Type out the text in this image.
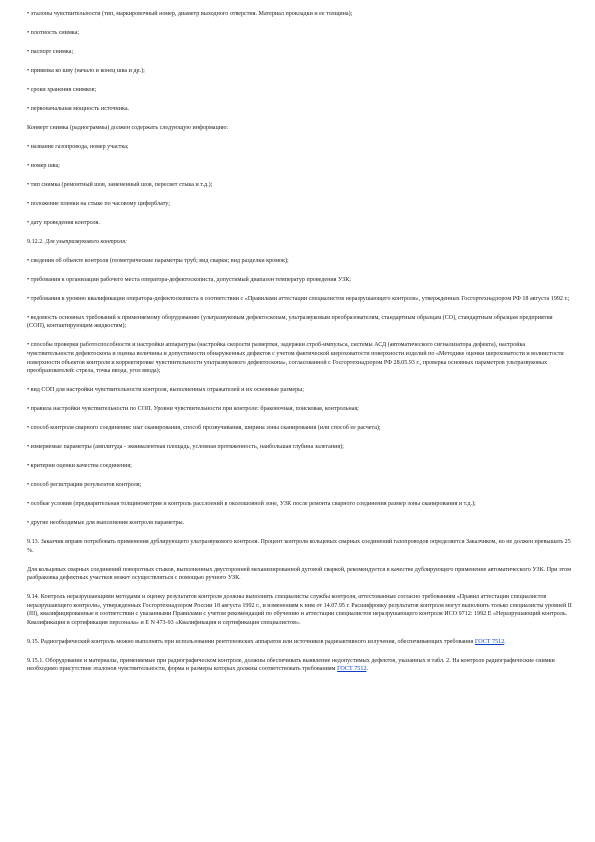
• эталоны чувствительности (тип, маркировочный номер, диаметр выходного отверстия. Материал прокладки и ее толщина);

• плотность снимка;

• паспорт снимка;

• привязка ко шву (начало и конец шва и др.);

• сроки хранения снимков;

• первоначальная мощность источника.

Конверт снимка (радиограммы) должен содержать следующую информацию:

• название газопровода, номер участка;

• номер шва;

• тип снимка (ремонтный шов, замененный шов, пересвет стыка и т.д.);

• положение пленки на стыке по часовому циферблату;

• дату проведения контроля.

9.12.2. Для ультразвукового контроля:

• сведения об объекте контроля (геометрические параметры труб; вид сварки; вид разделки кромок);

• требования к организации рабочего места оператора-дефектоскописта, допустимый диапазон температур проведения УЗК;

• требования к уровню квалификации оператора-дефектоскописта в соответствии с «Правилами аттестации специалистов неразрушающего контроля», утвержденных Госгортехнадзором РФ 18 августа 1992 г.;

• ведомость основных требований к применяемому оборудованию (ультразвуковым дефектоскопам, ультразвуковым преобразователям, стандартным образцам (СО), стандартным образцам предприятия (СОП), контактирующим жидкостям);

• способы проверки работоспособности и настройки аппаратуры (настройка скорости развертки, задержки строб-импульса, системы АСД (автоматического сигнализатора дефекта), настройка чувствительности дефектоскопа и оценка величины и допустимости обнаруженных дефектов с учетом фактической шероховатости поверхности изделий по «Методике оценки шероховатости и волнистости поверхности объектов контроля и корректировке чувствительности ультразвукового дефектоскопа», согласованной с Госгортехнадзором РФ 28.05.93 г., проверка основных параметров ультразвуковых преобразователей: стрела, точка ввода, угол ввода);

• вид СОП для настройки чувствительности контроля, выполненных отражателей и их основные размеры;

• правила настройки чувствительности по СОП. Уровни чувствительности при контроле: браковочная, поисковая, контрольная;

• способ контроля сварного соединения: шаг сканирования, способ прозвучивания, ширина зоны сканирования (или способ ее расчета);

• измеряемые параметры (амплитуда - эквивалентная площадь, условная протяженность, наибольшая глубина залегания);

• критерии оценки качества соединения;

• способ регистрации результатов контроля;

• особые условия (предварительная толщинометрия и контроль расслоений в околошовной зоне, УЗК после ремонта сварного соединения размер зоны сканирования и т.д.);

• другие необходимые для выполнения контроля параметры.

9.13. Заказчик вправе потребовать применения дублирующего ультразвукового контроля. Процент контроля кольцевых сварных соединений газопроводов определяется Заказчиком, но не должен превышать 25 %.

Для кольцевых сварных соединений поворотных стыков, выполненных двусторонней механизированной дуговой сваркой, рекомендуется в качестве дублирующего применение автоматического УЗК. При этом разбраковка дефектных участков может осуществляться с помощью ручного УЗК.

9.14. Контроль неразрушающими методами и оценку результатов контроля должны выполнять специалисты службы контроля, аттестованные согласно требованиям «Правил аттестации специалистов неразрушающего контроля», утвержденных Госгортехнадзором России 18 августа 1992 г., и изменениям к ним от 14.07.95 г. Расшифровку результатов контроля могут выполнять только специалисты уровней II (III), квалифицированные в соответствии с указанными Правилами с учетом рекомендаций по обучению и аттестации специалистов неразрушающего контроля ИСО 9712: 1992 Е «Неразрушающий контроль. Квалификация и сертификация персонала» и Е N 473-93 «Квалификация и сертификация специалистов».

9.15. Радиографический контроль можно выполнять при использовании рентгеновских аппаратов или источников радиоактивного излучения, обеспечивающих требования ГОСТ 7512.

9.15.1. Оборудование и материалы, применяемые при радиографическом контроле, должны обеспечивать выявление недопустимых дефектов, указанных в табл. 2. На контроле радиографические снимки необходимо присутствие эталонов чувствительности, форма и размеры которых должны соответствовать требованиям ГОСТ 7512.
